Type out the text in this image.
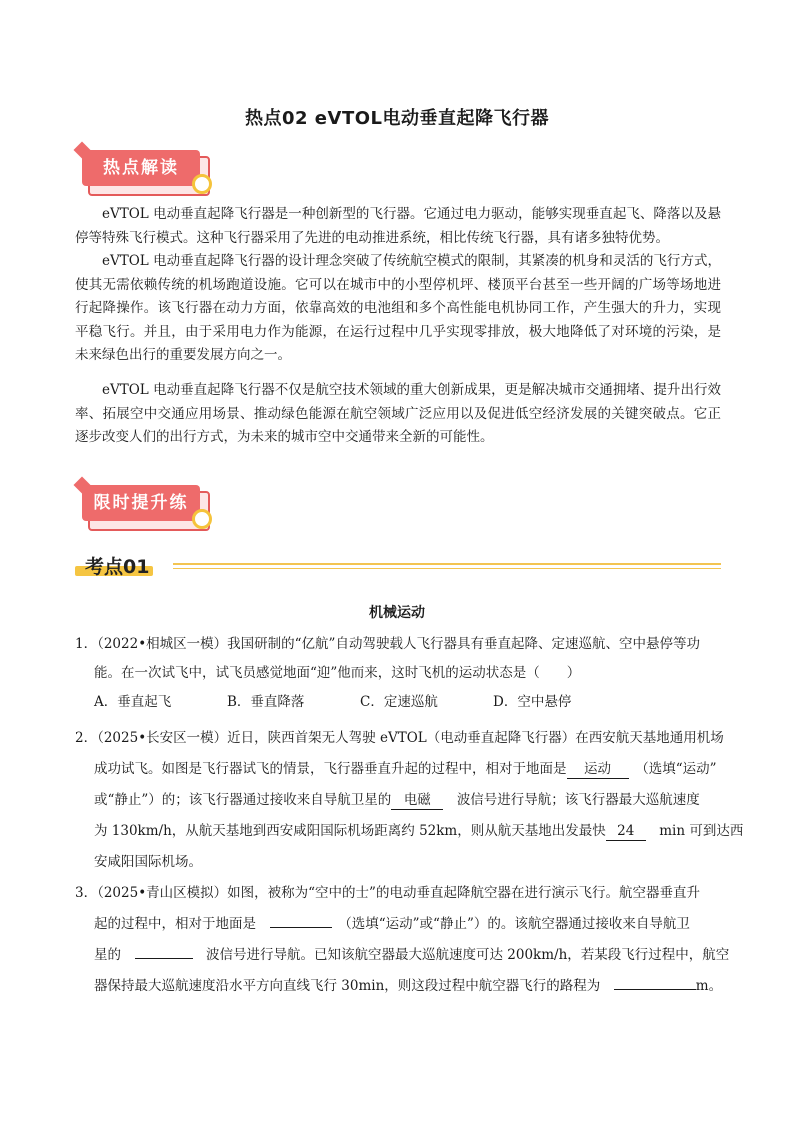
热点02 eVTOL电动垂直起降飞行器
热点解读
eVTOL 电动垂直起降飞行器是一种创新型的飞行器。它通过电力驱动，能够实现垂直起飞、降落以及悬停等特殊飞行模式。这种飞行器采用了先进的电动推进系统，相比传统飞行器，具有诸多独特优势。
eVTOL 电动垂直起降飞行器的设计理念突破了传统航空模式的限制，其紧凑的机身和灵活的飞行方式，使其无需依赖传统的机场跑道设施。它可以在城市中的小型停机坪、楼顶平台甚至一些开阔的广场等场地进行起降操作。该飞行器在动力方面，依靠高效的电池组和多个高性能电机协同工作，产生强大的升力，实现平稳飞行。并且，由于采用电力作为能源，在运行过程中几乎实现零排放，极大地降低了对环境的污染，是未来绿色出行的重要发展方向之一。
eVTOL 电动垂直起降飞行器不仅是航空技术领域的重大创新成果，更是解决城市交通拥堵、提升出行效率、拓展空中交通应用场景、推动绿色能源在航空领域广泛应用以及促进低空经济发展的关键突破点。它正逐步改变人们的出行方式，为未来的城市空中交通带来全新的可能性。
限时提升练
考点01
机械运动
1．（2022•相城区一模）我国研制的“亿航”自动驾驶载人飞行器具有垂直起降、定速巡航、空中悬停等功
能。在一次试飞中，试飞员感觉地面“迎”他而来，这时飞机的运动状态是（　　）
A．垂直起飞	B．垂直降落	C．定速巡航	D．空中悬停
2．（2025•长安区一模）近日，陕西首架无人驾驶 eVTOL（电动垂直起降飞行器）在西安航天基地通用机场
成功试飞。如图是飞行器试飞的情景，飞行器垂直升起的过程中，相对于地面是 运动　 （选填“运动”
或“静止”）的；该飞行器通过接收来自导航卫星的 电磁　 波信号进行导航；该飞行器最大巡航速度
为 130km/h，从航天基地到西安咸阳国际机场距离约 52km，则从航天基地出发最快 24　 min 可到达西
安咸阳国际机场。
3．（2025•青山区模拟）如图，被称为“空中的士”的电动垂直起降航空器在进行演示飞行。航空器垂直升
起的过程中，相对于地面是　　	（选填“运动”或“静止”）的。该航空器通过接收来自导航卫
星的　　	波信号进行导航。已知该航空器最大巡航速度可达 200km/h，若某段飞行过程中，航空
器保持最大巡航速度沿水平方向直线飞行 30min，则这段过程中航空器飞行的路程为　	m。
